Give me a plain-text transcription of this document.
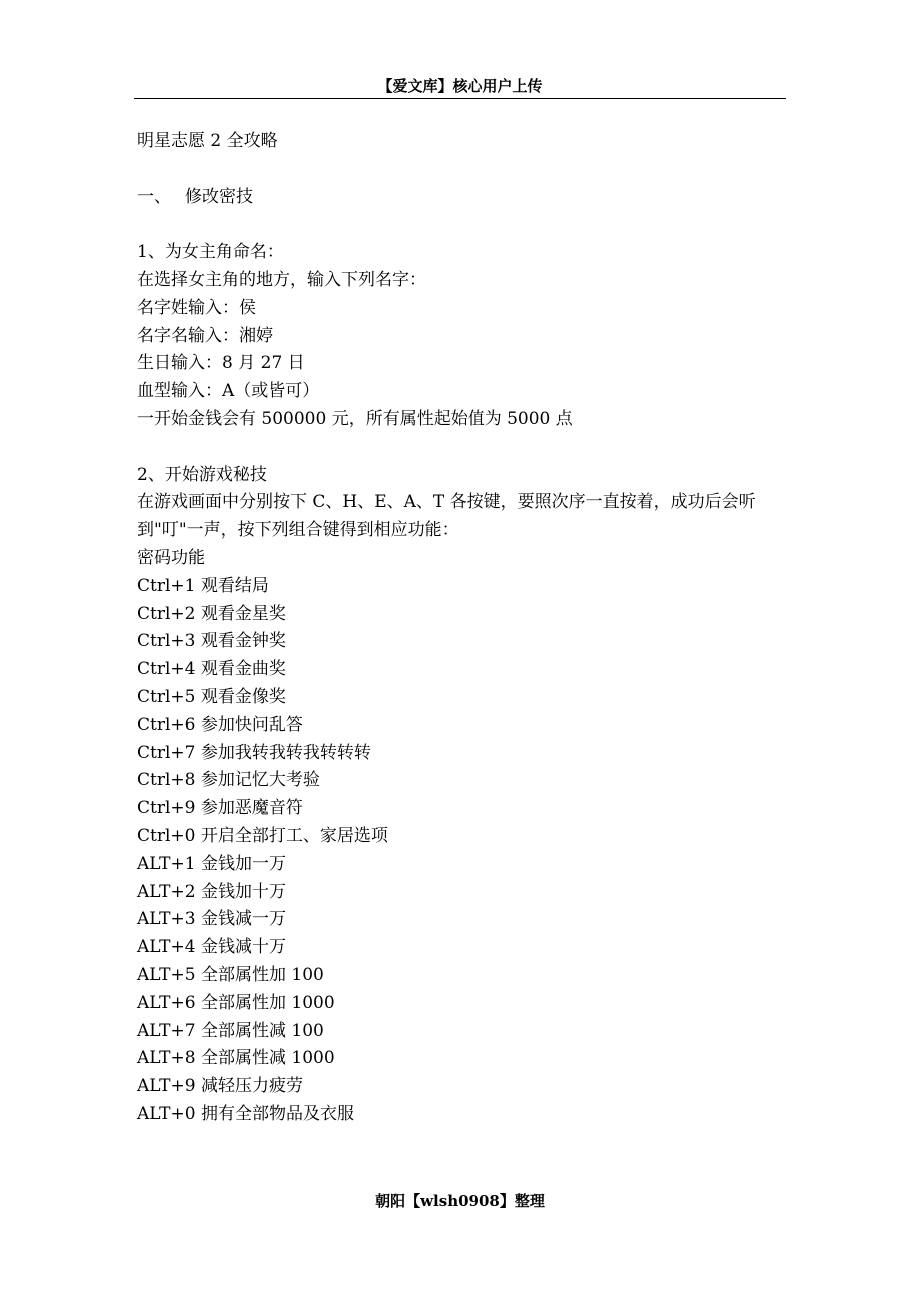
【爱文库】核心用户上传
明星志愿 2 全攻略
一、 修改密技
1、为女主角命名：
在选择女主角的地方，输入下列名字：
名字姓输入：侯
名字名输入：湘婷
生日输入：8 月 27 日
血型输入：A（或皆可）
一开始金钱会有 500000 元，所有属性起始值为 5000 点
2、开始游戏秘技
在游戏画面中分别按下 C、H、E、A、T 各按键，要照次序一直按着，成功后会听到"叮"一声，按下列组合键得到相应功能：
密码功能
Ctrl+1 观看结局
Ctrl+2 观看金星奖
Ctrl+3 观看金钟奖
Ctrl+4 观看金曲奖
Ctrl+5 观看金像奖
Ctrl+6 参加快问乱答
Ctrl+7 参加我转我转我转转转
Ctrl+8 参加记忆大考验
Ctrl+9 参加恶魔音符
Ctrl+0 开启全部打工、家居选项
ALT+1 金钱加一万
ALT+2 金钱加十万
ALT+3 金钱减一万
ALT+4 金钱减十万
ALT+5 全部属性加 100
ALT+6 全部属性加 1000
ALT+7 全部属性减 100
ALT+8 全部属性减 1000
ALT+9 减轻压力疲劳
ALT+0 拥有全部物品及衣服
朝阳【wlsh0908】整理
